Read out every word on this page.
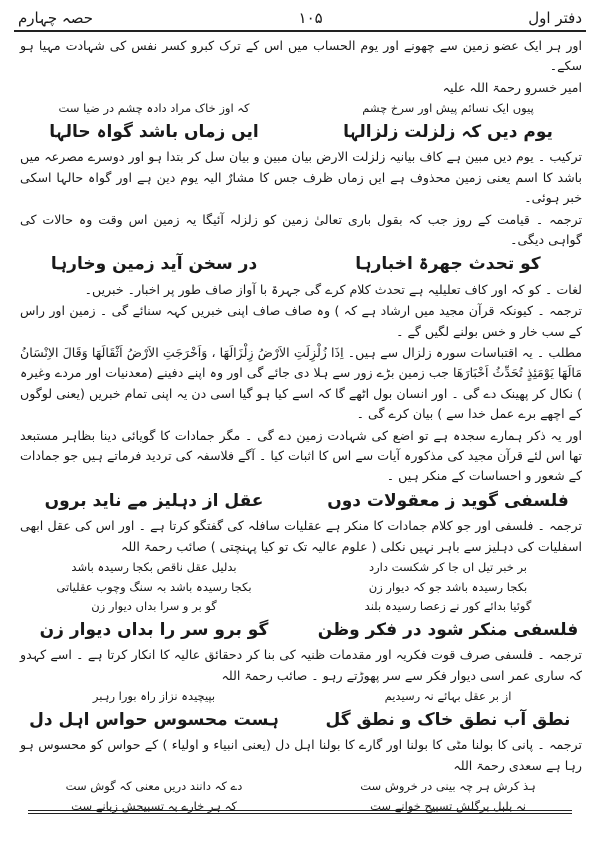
حصہ چہارم	۱۰۵	دفتر اول

اور ہر ایک عضو زمین سے چھونے اور یوم الحساب میں اس کے ترک کبرو کسر نفس کی شہادت مہیا ہو سکے۔

امیر خسرو رحمۃ اللہ علیہ

پیوں ایک نسائم پیش اور سرخ چشم
کہ اوز خاک مراد دادہ چشم در ضیا ست
یوم دیں کہ زلزلت زلزالہا
ایں زماں باشد گواہ حالہا

ترکیب ۔ یوم دیں مبین ہے کاف بیانیہ زلزلت الارض بیان مبین و بیان سل کر بتدا ہو اور دوسرے مصرعہ میں باشد کا اسم یعنی زمین محذوف ہے ایں زماں ظرف جس کا مشارٌ الیہ یوم دین ہے اور گواہ حالہا اسکی خبر ہوئی۔

ترجمہ ۔ قیامت کے روز جب کہ بقول باری تعالیٰ زمین کو زلزلہ آئیگا یہ زمین اس وقت وہ حالات کی گواہی دیگی۔

کو تحدث جھرۃ اخبارہا
در سخن آید زمین وخارہا

لغات ۔ کو کہ اور کاف تعلیلیہ ہے تحدث کلام کرے گی جہرۃ با آواز صاف طور پر اخبار۔ خبریں۔

ترجمہ ۔ کیونکہ قرآن مجید میں ارشاد ہے کہ ) وہ صاف صاف اپنی خبریں کہہ سنائے گی ۔ زمین اور راس کے سب خار و خس بولنے لگیں گے ۔

مطلب ۔ یہ اقتباسات سورہ زلزال سے ہیں۔ اِذَا زُلْزِلَتِ الاَرْضُ زِلْزَالَهَا ، وَاَخْرَجَتِ الاَرْضُ اَثْقَالَهَا وَقَالَ الاِنْسَانُ مَالَهَا یَوْمَئِذٍ تُحَدِّثُ اَخْبَارَهَا جب زمین بڑے زور سے ہلا دی جائے گی اور وہ اپنے دفینے (معدنیات اور مردے وغیرہ ) نکال کر پھینک دے گی ۔ اور انسان بول اٹھے گا کہ اسے کیا ہو گیا اسی دن یہ اپنی تمام خبریں (یعنی لوگوں کے اچھے برے عمل خدا سے ) بیان کرے گی ۔

اور یہ ذکر ہمارے سجدہ ہے تو اضع کی شہادت زمین دے گی ۔ مگر جمادات کا گویائی دینا بظاہر مستبعد تھا اس لئے قرآن مجید کی مذکورہ آیات سے اس کا اثبات کیا ۔ آگے فلاسفہ کی تردید فرماتے ہیں جو جمادات کے شعور و احساسات کے منکر ہیں ۔

فلسفی گوید ز معقولات دوں
عقل از دہلیز مے ناید بروں

ترجمہ ۔ فلسفی اور جو کلام جمادات کا منکر ہے عقلیات سافلہ کی گفتگو کرتا ہے ۔ اور اس کی عقل ابھی اسفلیات کی دہلیز سے باہر نہیں نکلی ( علوم عالیہ تک تو کیا پہنچتی ) صائب رحمۃ اللہ

بر خبر تیل اں جا کر شکست دارد
بدلیل عقل ناقص بکجا رسیدہ باشد
بکجا رسیدہ باشد جو کہ دیوار زن
بکجا رسیدہ باشد بہ سنگ وچوب عقلیاتی
گوئیا بدائے کور نے زعصا رسیدہ بلند
گو بر و سرا بداں دیوار زن
فلسفی منکر شود در فکر وظن
گو برو سر را بداں دیوار زن

ترجمہ ۔ فلسفی صرف قوت فکریہ اور مقدمات ظنیہ کی بنا کر دحقائق عالیہ کا انکار کرتا ہے ۔ اسے کہدو کہ ساری عمر اسی دیوار فکر سے سر پھوڑتے رہو ۔ صائب رحمۃ اللہ

از بر عقل بہائے نہ رسیدیم
بپیچیدہ نزاز راہ بورا رہبر
نطق آب نطق خاک و نطق گل
ہست محسوس حواس اہل دل

ترجمہ ۔ پانی کا بولنا مٹی کا بولنا اور گارے کا بولنا اہل دل (یعنی انبیاء و اولیاء ) کے حواس کو محسوس ہو رہا ہے سعدی رحمۃ اللہ

ہذ کرش ہر چہ بینی در خروش ست
دے کہ دانند دریں معنی کہ گوش ست
نہ بلبل برگلش تسبیح خوانے ست
کہ ہر خارے بہ تسبیحش زبانے ست
